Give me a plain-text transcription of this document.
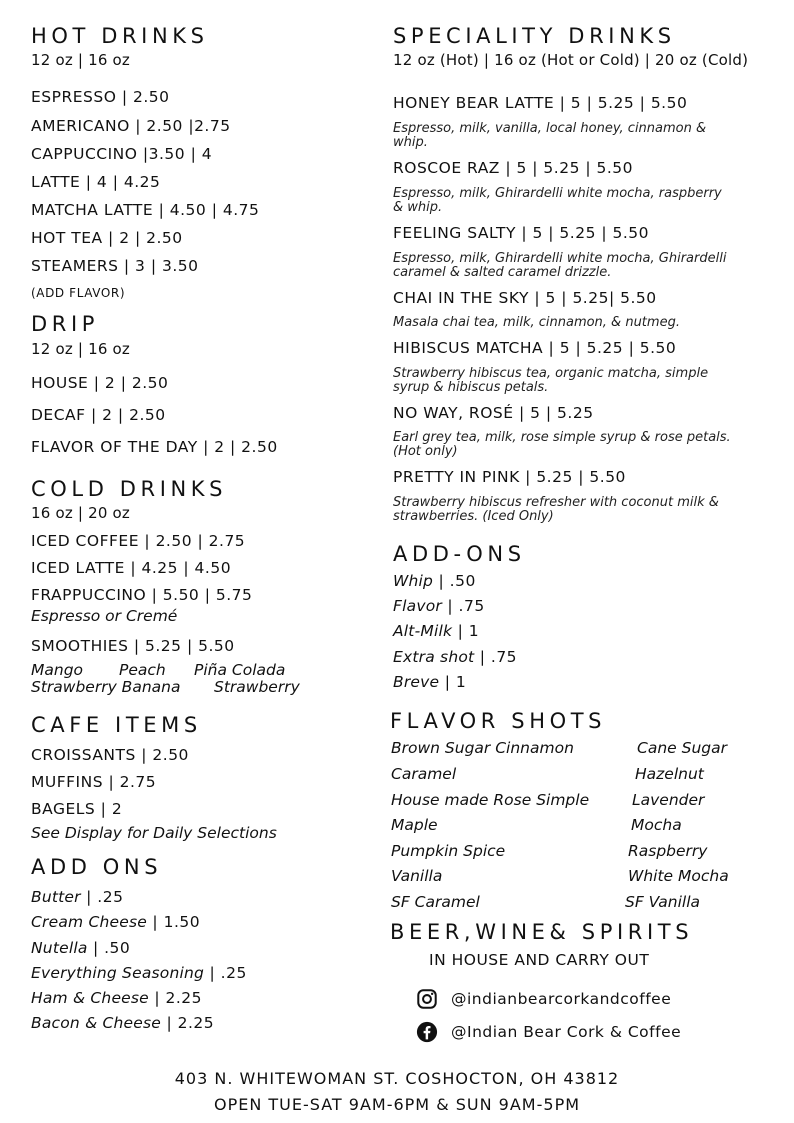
HOT DRINKS
12 oz | 16 oz
ESPRESSO | 2.50
AMERICANO | 2.50 |2.75
CAPPUCCINO |3.50 | 4
LATTE | 4 | 4.25
MATCHA LATTE | 4.50 | 4.75
HOT TEA | 2 | 2.50
STEAMERS | 3 | 3.50
(ADD FLAVOR)
DRIP
12 oz | 16 oz
HOUSE | 2 | 2.50
DECAF | 2 | 2.50
FLAVOR OF THE DAY | 2 | 2.50
COLD DRINKS
16 oz | 20 oz
ICED COFFEE | 2.50 | 2.75
ICED LATTE | 4.25 | 4.50
FRAPPUCCINO | 5.50 | 5.75
Espresso or Cremé
SMOOTHIES | 5.25 | 5.50
Mango Peach Piña Colada
Strawberry Banana Strawberry
CAFE ITEMS
CROISSANTS | 2.50
MUFFINS | 2.75
BAGELS | 2
See Display for Daily Selections
ADD ONS
Butter | .25
Cream Cheese | 1.50
Nutella | .50
Everything Seasoning | .25
Ham & Cheese | 2.25
Bacon & Cheese | 2.25
SPECIALITY DRINKS
12 oz (Hot) | 16 oz (Hot or Cold) | 20 oz (Cold)
HONEY BEAR LATTE | 5 | 5.25 | 5.50
Espresso, milk, vanilla, local honey, cinnamon & whip.
ROSCOE RAZ | 5 | 5.25 | 5.50
Espresso, milk, Ghirardelli white mocha, raspberry & whip.
FEELING SALTY | 5 | 5.25 | 5.50
Espresso, milk, Ghirardelli white mocha, Ghirardelli caramel & salted caramel drizzle.
CHAI IN THE SKY | 5 | 5.25| 5.50
Masala chai tea, milk, cinnamon, & nutmeg.
HIBISCUS MATCHA | 5 | 5.25 | 5.50
Strawberry hibiscus tea, organic matcha, simple syrup & hibiscus petals.
NO WAY, ROSÉ | 5 | 5.25
Earl grey tea, milk, rose simple syrup & rose petals. (Hot only)
PRETTY IN PINK | 5.25 | 5.50
Strawberry hibiscus refresher with coconut milk & strawberries. (Iced Only)
ADD-ONS
Whip | .50
Flavor | .75
Alt-Milk | 1
Extra shot | .75
Breve | 1
FLAVOR SHOTS
Brown Sugar Cinnamon
Caramel
House made Rose Simple
Maple
Pumpkin Spice
Vanilla
SF Caramel
Cane Sugar
Hazelnut
Lavender
Mocha
Raspberry
White Mocha
SF Vanilla
BEER,WINE& SPIRITS
IN HOUSE AND CARRY OUT
@indianbearcorkandcoffee
@Indian Bear Cork & Coffee
403 N. WHITEWOMAN ST. COSHOCTON, OH 43812
OPEN TUE-SAT 9AM-6PM & SUN 9AM-5PM
